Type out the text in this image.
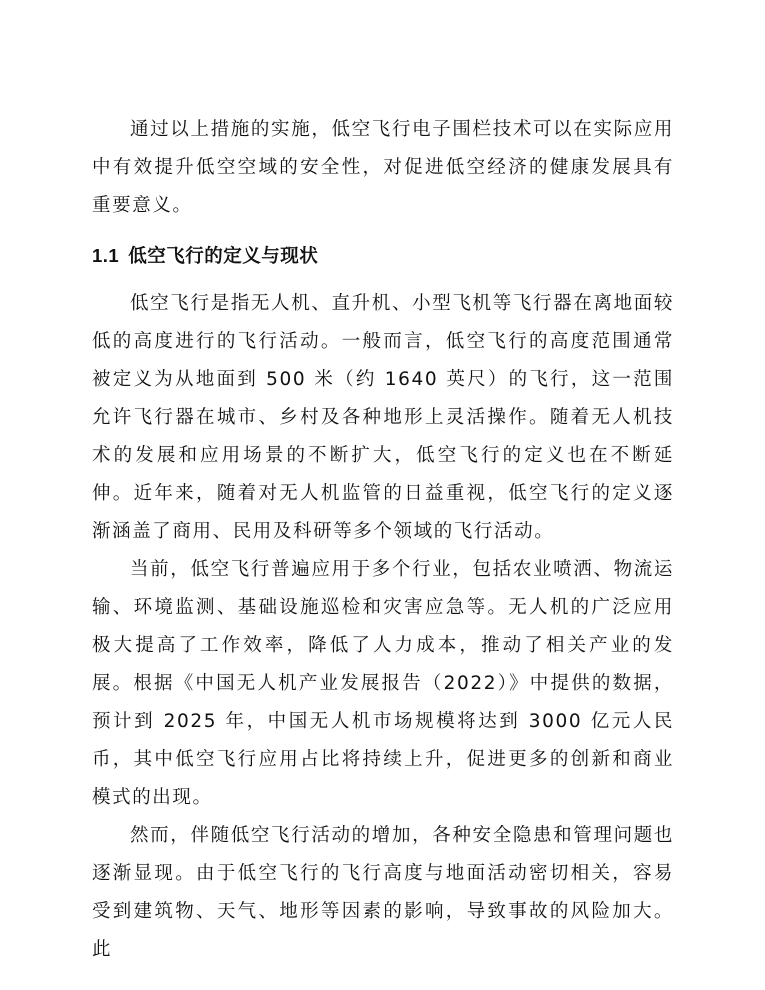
通过以上措施的实施，低空飞行电子围栏技术可以在实际应用中有效提升低空空域的安全性，对促进低空经济的健康发展具有重要意义。

1.1 低空飞行的定义与现状

低空飞行是指无人机、直升机、小型飞机等飞行器在离地面较低的高度进行的飞行活动。一般而言，低空飞行的高度范围通常被定义为从地面到 500 米（约 1640 英尺）的飞行，这一范围允许飞行器在城市、乡村及各种地形上灵活操作。随着无人机技术的发展和应用场景的不断扩大，低空飞行的定义也在不断延伸。近年来，随着对无人机监管的日益重视，低空飞行的定义逐渐涵盖了商用、民用及科研等多个领域的飞行活动。

当前，低空飞行普遍应用于多个行业，包括农业喷洒、物流运输、环境监测、基础设施巡检和灾害应急等。无人机的广泛应用极大提高了工作效率，降低了人力成本，推动了相关产业的发展。根据《中国无人机产业发展报告（2022）》中提供的数据，预计到 2025 年，中国无人机市场规模将达到 3000 亿元人民币，其中低空飞行应用占比将持续上升，促进更多的创新和商业模式的出现。

然而，伴随低空飞行活动的增加，各种安全隐患和管理问题也逐渐显现。由于低空飞行的飞行高度与地面活动密切相关，容易受到建筑物、天气、地形等因素的影响，导致事故的风险加大。此
